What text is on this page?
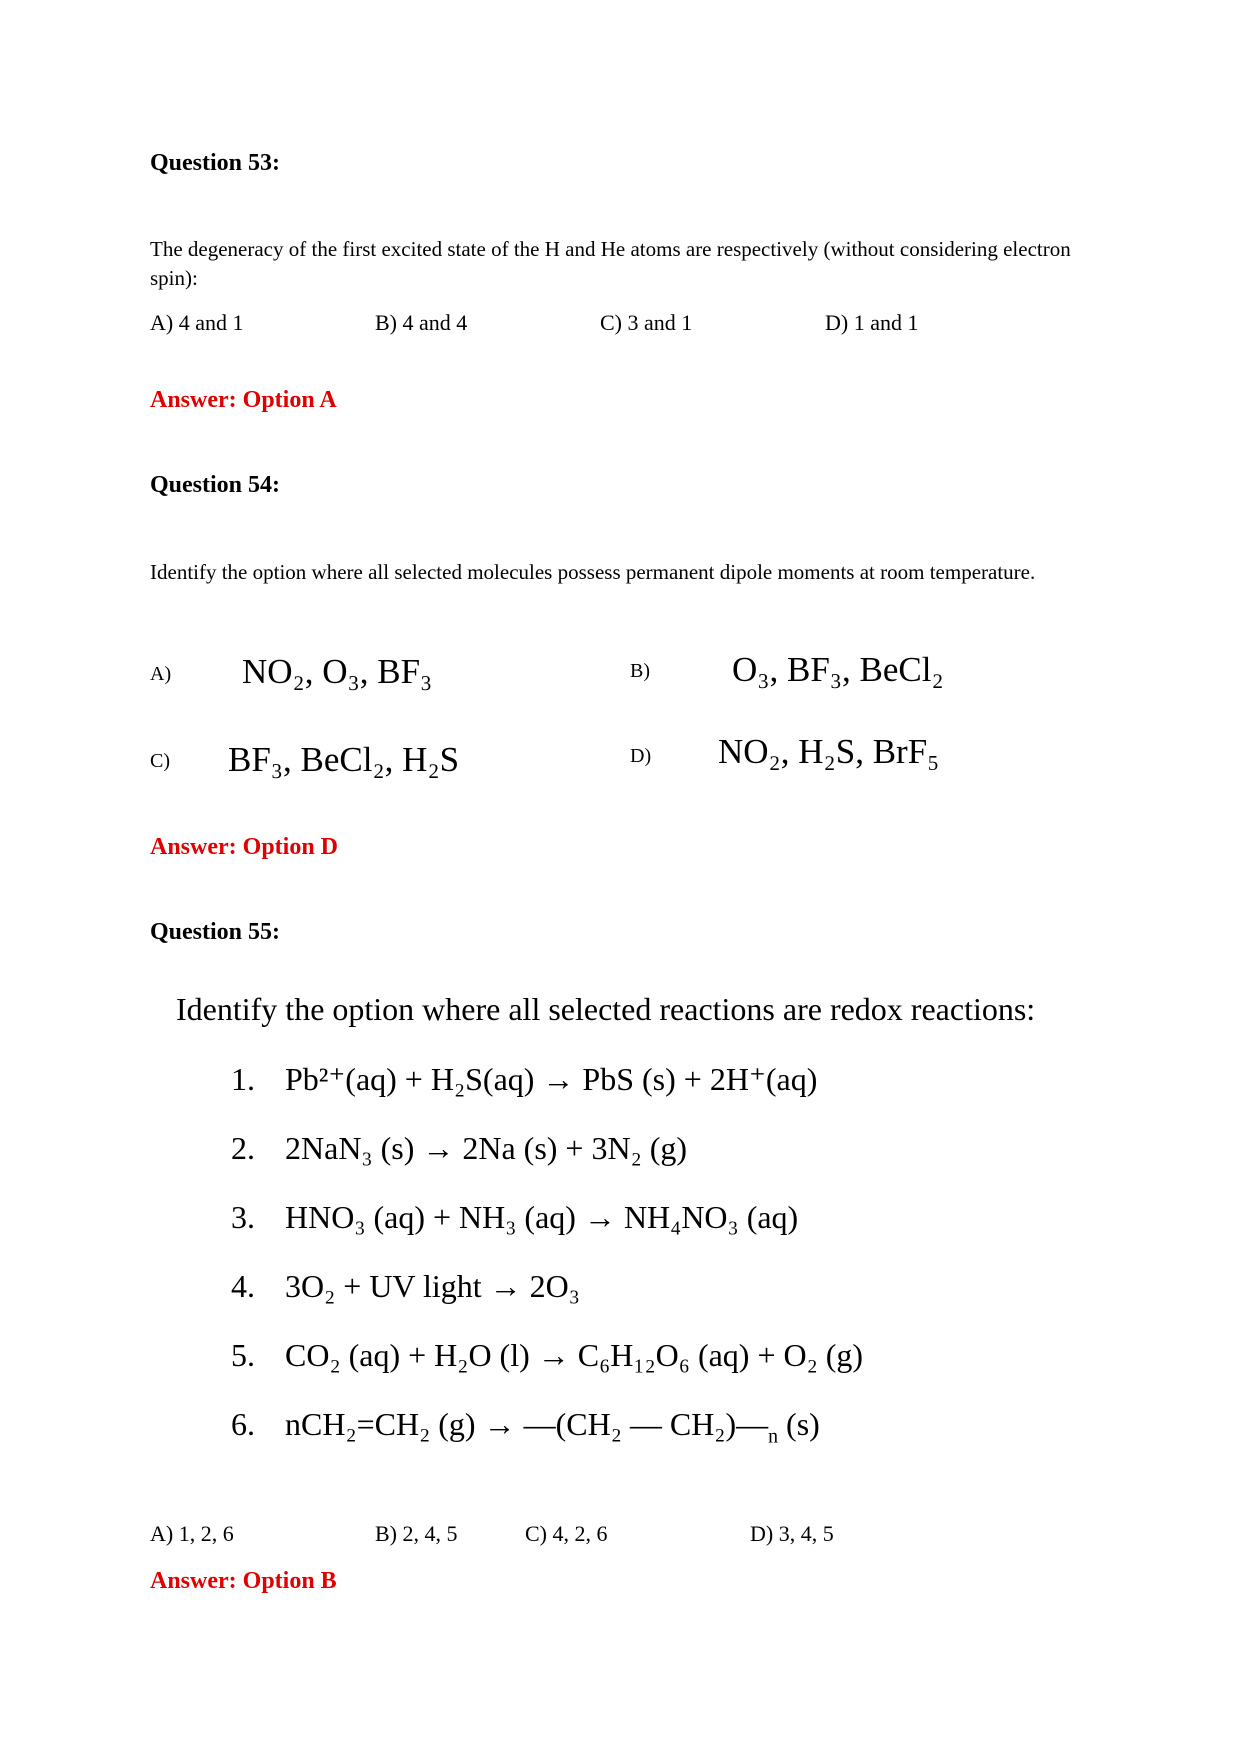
Question 53:
The degeneracy of the first excited state of the H and He atoms are respectively (without considering electron spin):
A) 4 and 1	B) 4 and 4	C) 3 and 1	D) 1 and 1
Answer: Option A
Question 54:
Identify the option where all selected molecules possess permanent dipole moments at room temperature.
A) NO₂, O₃, BF₃	B) O₃, BF₃, BeCl₂
C) BF₃, BeCl₂, H₂S	D) NO₂, H₂S, BrF₅
Answer: Option D
Question 55:
Identify the option where all selected reactions are redox reactions:
1. Pb²⁺(aq) + H₂S(aq) → PbS (s) + 2H⁺(aq)
2. 2NaN₃ (s) → 2Na (s) + 3N₂ (g)
3. HNO₃ (aq) + NH₃ (aq) → NH₄NO₃ (aq)
4. 3O₂ + UV light → 2O₃
5. CO₂ (aq) + H₂O (l) → C₆H₁₂O₆ (aq) + O₂ (g)
6. nCH₂=CH₂ (g) → —(CH₂ — $CH_2)—_n$ (s)
A) 1, 2, 6	B) 2, 4, 5	C) 4, 2, 6	D) 3, 4, 5
Answer: Option B
